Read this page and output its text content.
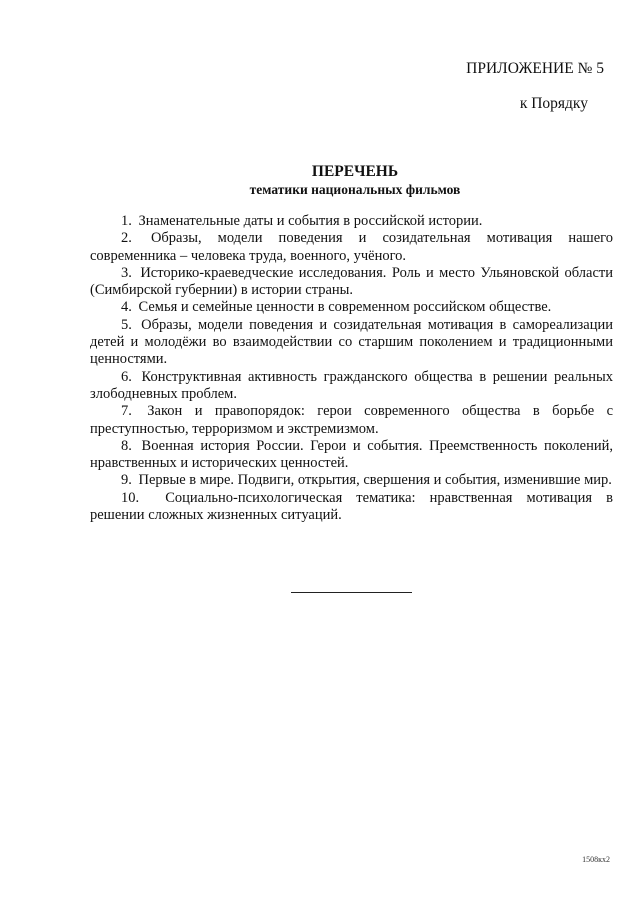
ПРИЛОЖЕНИЕ № 5
к Порядку
ПЕРЕЧЕНЬ
тематики национальных фильмов

1. Знаменательные даты и события в российской истории.

2. Образы, модели поведения и созидательная мотивация нашего современника – человека труда, военного, учёного.

3. Историко-краеведческие исследования. Роль и место Ульяновской области (Симбирской губернии) в истории страны.

4. Семья и семейные ценности в современном российском обществе.

5. Образы, модели поведения и созидательная мотивация в самореализации детей и молодёжи во взаимодействии со старшим поколением и традиционными ценностями.

6. Конструктивная активность гражданского общества в решении реальных злободневных проблем.

7. Закон и правопорядок: герои современного общества в борьбе с преступностью, терроризмом и экстремизмом.

8. Военная история России. Герои и события. Преемственность поколений, нравственных и исторических ценностей.

9. Первые в мире. Подвиги, открытия, свершения и события, изменившие мир.

10. Социально-психологическая тематика: нравственная мотивация в решении сложных жизненных ситуаций.

1508кх2
